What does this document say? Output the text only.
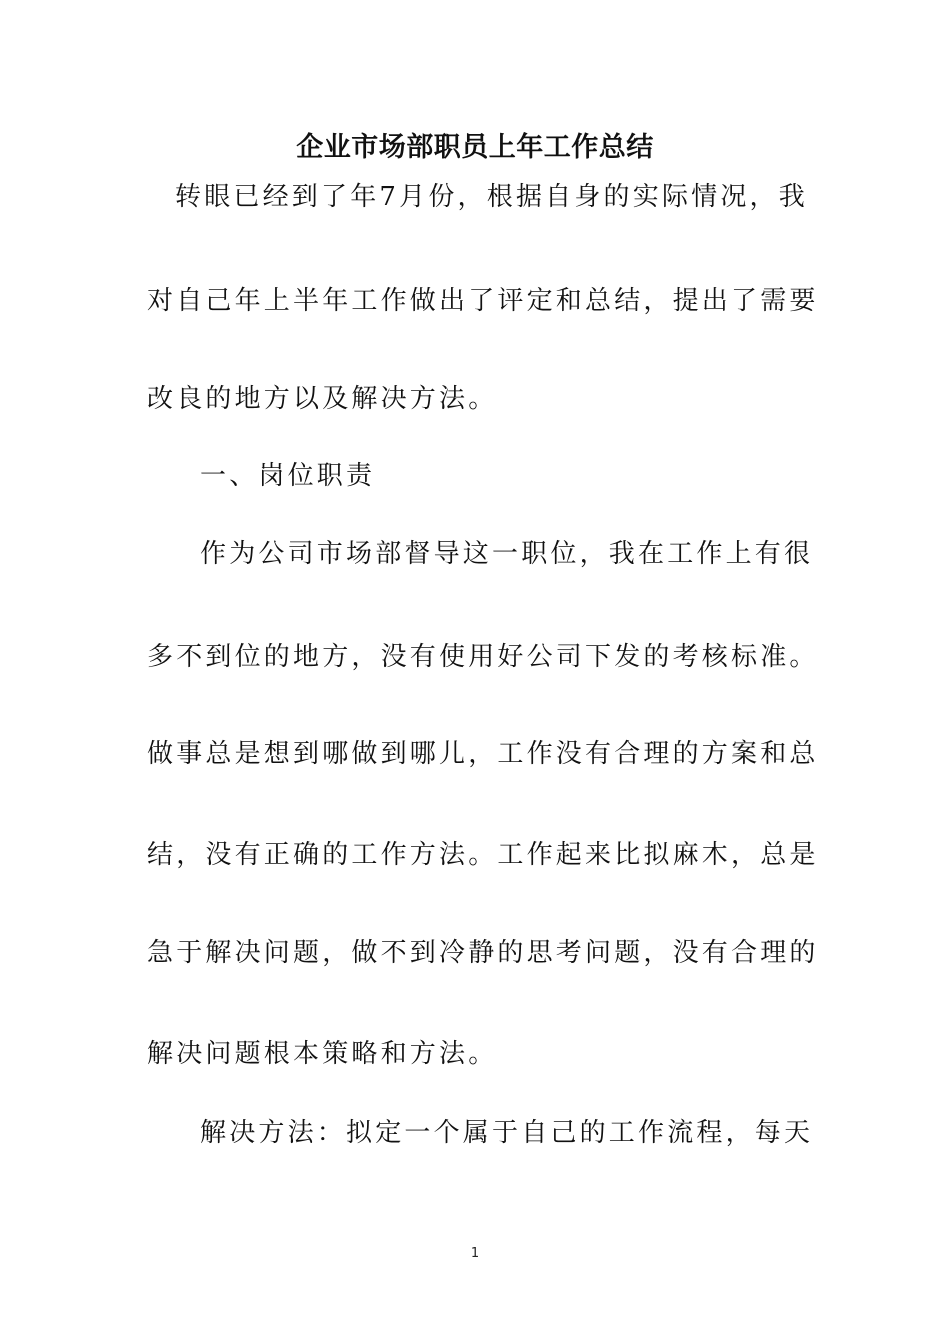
企业市场部职员上年工作总结
转眼已经到了年7月份，根据自身的实际情况，我
对自己年上半年工作做出了评定和总结，提出了需要
改良的地方以及解决方法。
一、岗位职责
作为公司市场部督导这一职位，我在工作上有很
多不到位的地方，没有使用好公司下发的考核标准。
做事总是想到哪做到哪儿，工作没有合理的方案和总
结，没有正确的工作方法。工作起来比拟麻木，总是
急于解决问题，做不到冷静的思考问题，没有合理的
解决问题根本策略和方法。
解决方法：拟定一个属于自己的工作流程，每天
1
